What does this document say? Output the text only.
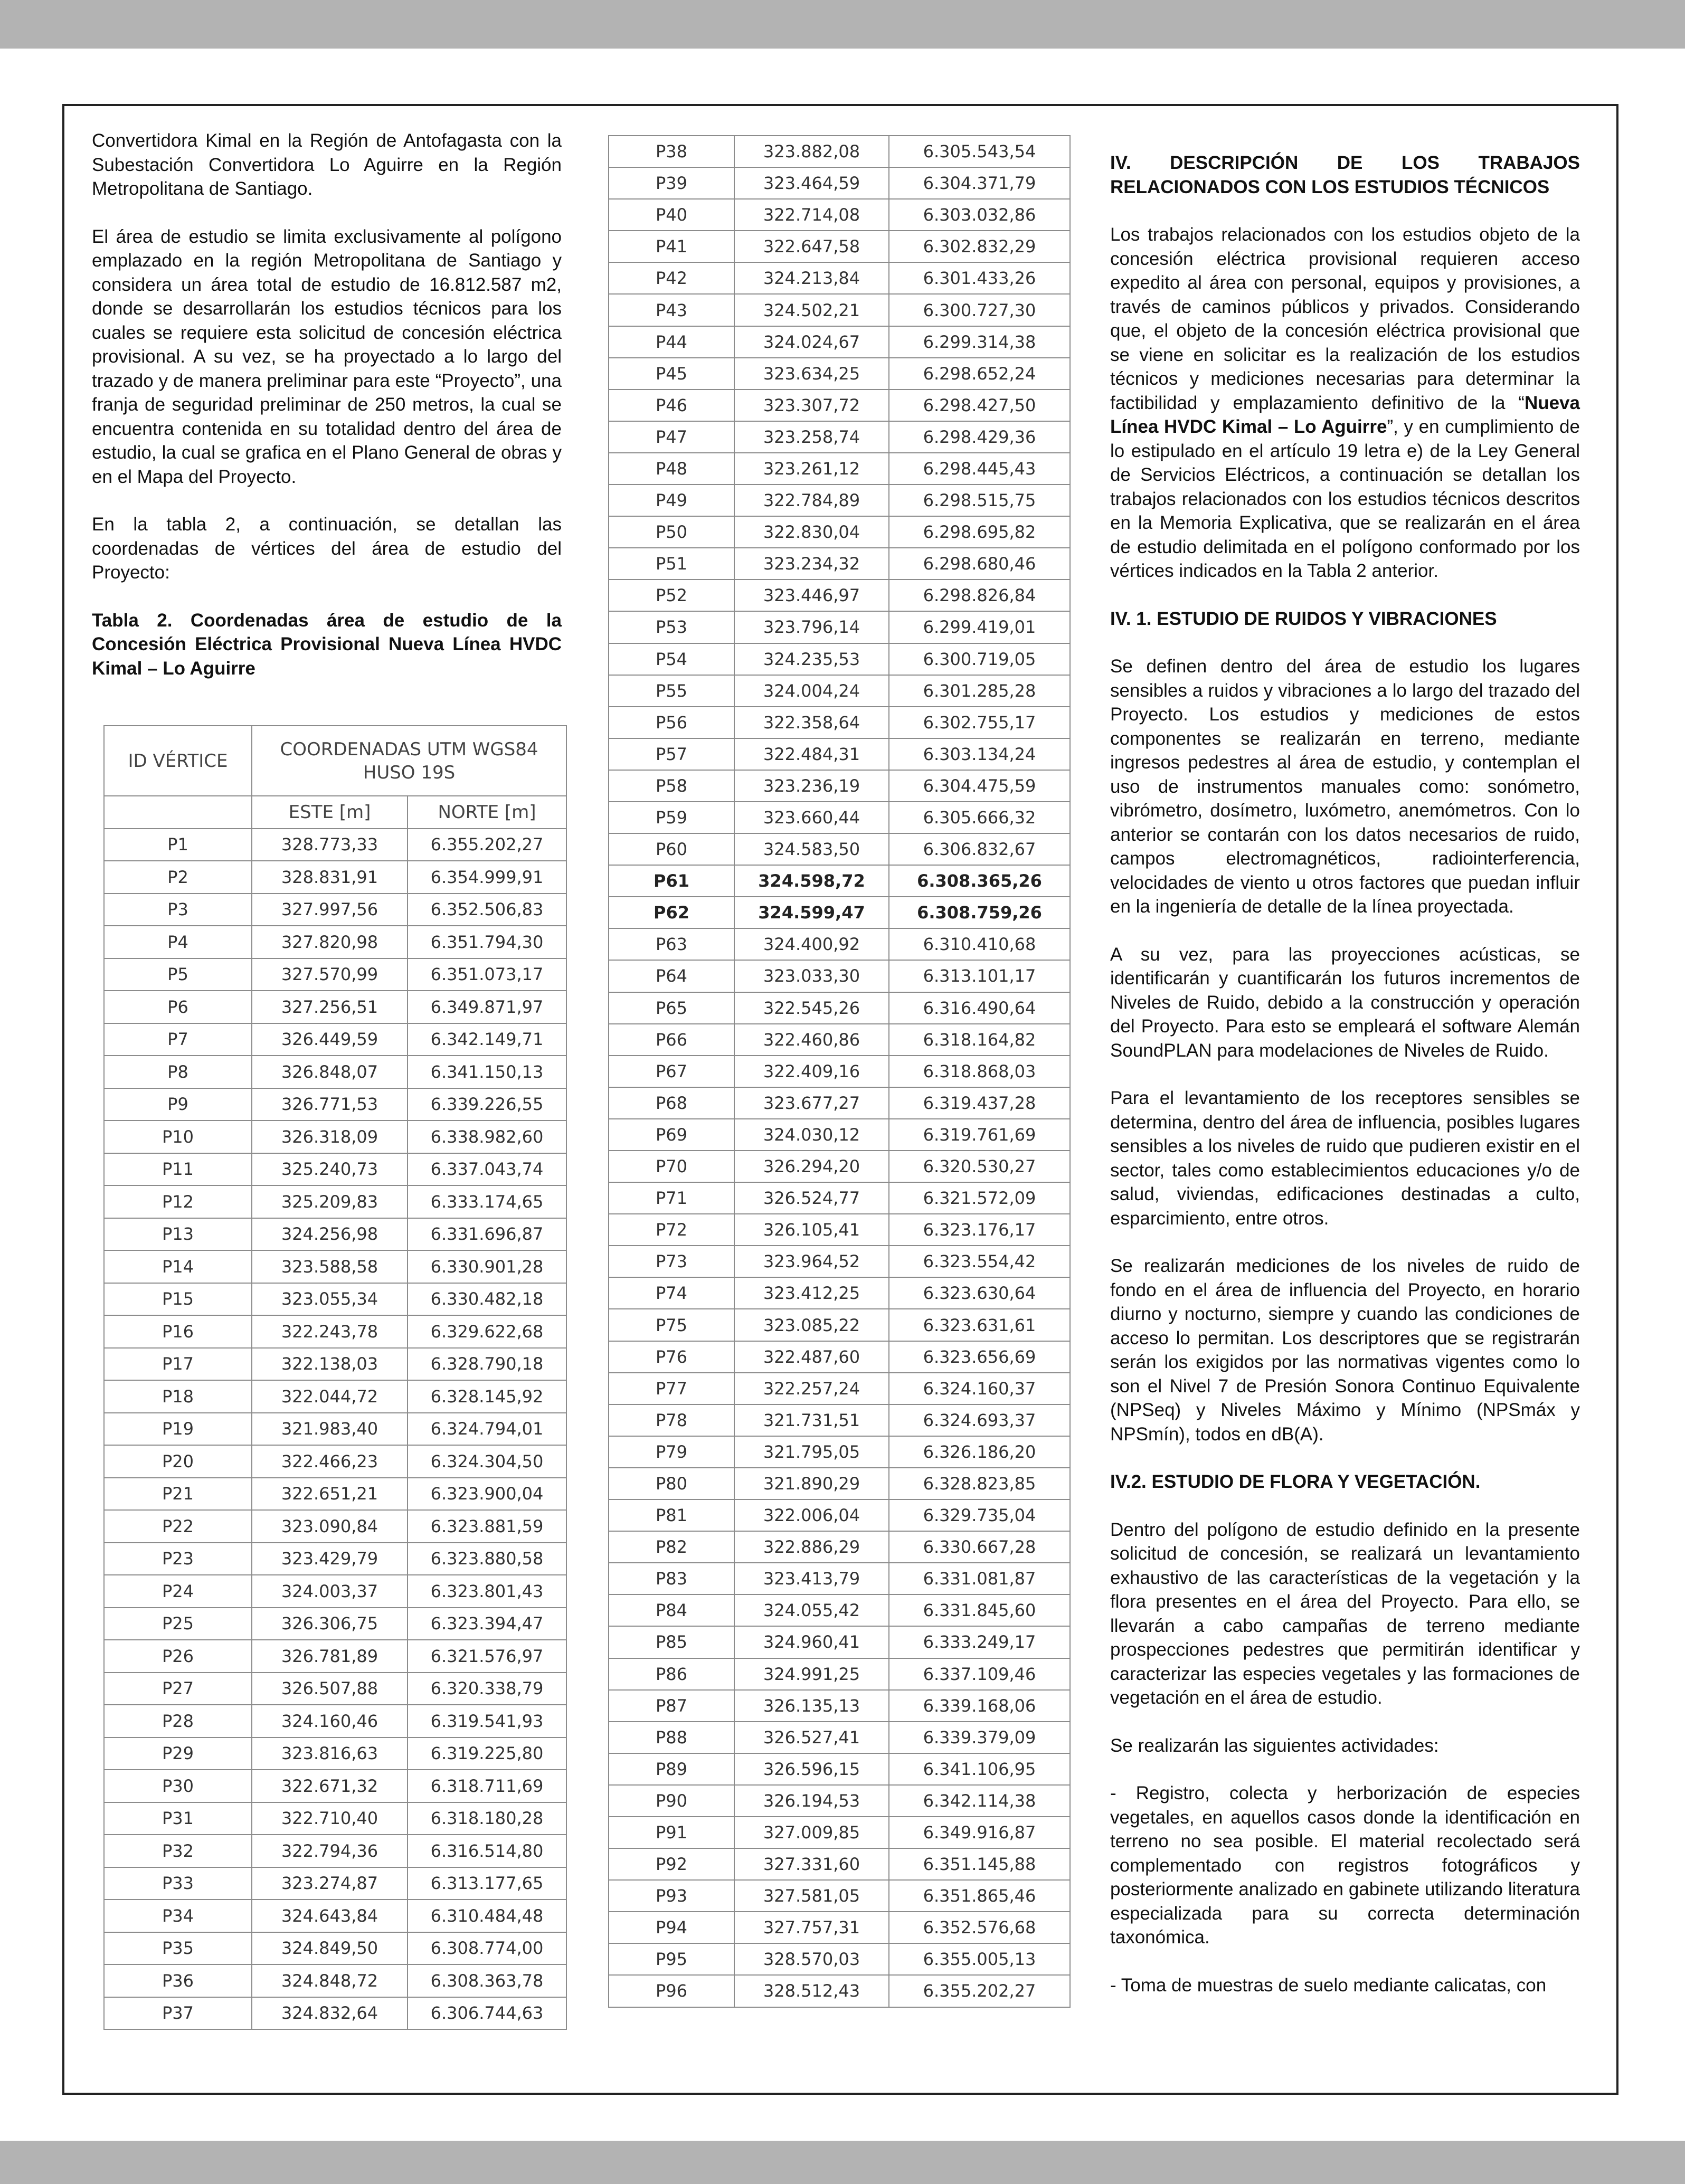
Convertidora Kimal en la Región de Antofagasta con la Subestación Convertidora Lo Aguirre en la Región Metropolitana de Santiago.

El área de estudio se limita exclusivamente al polígono emplazado en la región Metropolitana de Santiago y considera un área total de estudio de 16.812.587 m2, donde se desarrollarán los estudios técnicos para los cuales se requiere esta solicitud de concesión eléctrica provisional. A su vez, se ha proyectado a lo largo del trazado y de manera preliminar para este “Proyecto”, una franja de seguridad preliminar de 250 metros, la cual se encuentra contenida en su totalidad dentro del área de estudio, la cual se grafica en el Plano General de obras y en el Mapa del Proyecto.

En la tabla 2, a continuación, se detallan las coordenadas de vértices del área de estudio del Proyecto:

Tabla 2. Coordenadas área de estudio de la Concesión Eléctrica Provisional Nueva Línea HVDC Kimal – Lo Aguirre

ID VÉRTICE	COORDENADAS UTM WGS84 HUSO 19S	

	ESTE [m]	NORTE [m]
P1	328.773,33	6.355.202,27
P2	328.831,91	6.354.999,91
P3	327.997,56	6.352.506,83
P4	327.820,98	6.351.794,30
P5	327.570,99	6.351.073,17
P6	327.256,51	6.349.871,97
P7	326.449,59	6.342.149,71
P8	326.848,07	6.341.150,13
P9	326.771,53	6.339.226,55
P10	326.318,09	6.338.982,60
P11	325.240,73	6.337.043,74
P12	325.209,83	6.333.174,65
P13	324.256,98	6.331.696,87
P14	323.588,58	6.330.901,28
P15	323.055,34	6.330.482,18
P16	322.243,78	6.329.622,68
P17	322.138,03	6.328.790,18
P18	322.044,72	6.328.145,92
P19	321.983,40	6.324.794,01
P20	322.466,23	6.324.304,50
P21	322.651,21	6.323.900,04
P22	323.090,84	6.323.881,59
P23	323.429,79	6.323.880,58
P24	324.003,37	6.323.801,43
P25	326.306,75	6.323.394,47
P26	326.781,89	6.321.576,97
P27	326.507,88	6.320.338,79
P28	324.160,46	6.319.541,93
P29	323.816,63	6.319.225,80
P30	322.671,32	6.318.711,69
P31	322.710,40	6.318.180,28
P32	322.794,36	6.316.514,80
P33	323.274,87	6.313.177,65
P34	324.643,84	6.310.484,48
P35	324.849,50	6.308.774,00
P36	324.848,72	6.308.363,78
P37	324.832,64	6.306.744,63
P38	323.882,08	6.305.543,54
P39	323.464,59	6.304.371,79
P40	322.714,08	6.303.032,86
P41	322.647,58	6.302.832,29
P42	324.213,84	6.301.433,26
P43	324.502,21	6.300.727,30
P44	324.024,67	6.299.314,38
P45	323.634,25	6.298.652,24
P46	323.307,72	6.298.427,50
P47	323.258,74	6.298.429,36
P48	323.261,12	6.298.445,43
P49	322.784,89	6.298.515,75
P50	322.830,04	6.298.695,82
P51	323.234,32	6.298.680,46
P52	323.446,97	6.298.826,84
P53	323.796,14	6.299.419,01
P54	324.235,53	6.300.719,05
P55	324.004,24	6.301.285,28
P56	322.358,64	6.302.755,17
P57	322.484,31	6.303.134,24
P58	323.236,19	6.304.475,59
P59	323.660,44	6.305.666,32
P60	324.583,50	6.306.832,67
P61	324.598,72	6.308.365,26
P62	324.599,47	6.308.759,26
P63	324.400,92	6.310.410,68
P64	323.033,30	6.313.101,17
P65	322.545,26	6.316.490,64
P66	322.460,86	6.318.164,82
P67	322.409,16	6.318.868,03
P68	323.677,27	6.319.437,28
P69	324.030,12	6.319.761,69
P70	326.294,20	6.320.530,27
P71	326.524,77	6.321.572,09
P72	326.105,41	6.323.176,17
P73	323.964,52	6.323.554,42
P74	323.412,25	6.323.630,64
P75	323.085,22	6.323.631,61
P76	322.487,60	6.323.656,69
P77	322.257,24	6.324.160,37
P78	321.731,51	6.324.693,37
P79	321.795,05	6.326.186,20
P80	321.890,29	6.328.823,85
P81	322.006,04	6.329.735,04
P82	322.886,29	6.330.667,28
P83	323.413,79	6.331.081,87
P84	324.055,42	6.331.845,60
P85	324.960,41	6.333.249,17
P86	324.991,25	6.337.109,46
P87	326.135,13	6.339.168,06
P88	326.527,41	6.339.379,09
P89	326.596,15	6.341.106,95
P90	326.194,53	6.342.114,38
P91	327.009,85	6.349.916,87
P92	327.331,60	6.351.145,88
P93	327.581,05	6.351.865,46
P94	327.757,31	6.352.576,68
P95	328.570,03	6.355.005,13
P96	328.512,43	6.355.202,27

IV. DESCRIPCIÓN DE LOS TRABAJOS RELACIONADOS CON LOS ESTUDIOS TÉCNICOS

Los trabajos relacionados con los estudios objeto de la concesión eléctrica provisional requieren acceso expedito al área con personal, equipos y provisiones, a través de caminos públicos y privados. Considerando que, el objeto de la concesión eléctrica provisional que se viene en solicitar es la realización de los estudios técnicos y mediciones necesarias para determinar la factibilidad y emplazamiento definitivo de la “Nueva Línea HVDC Kimal – Lo Aguirre”, y en cumplimiento de lo estipulado en el artículo 19 letra e) de la Ley General de Servicios Eléctricos, a continuación se detallan los trabajos relacionados con los estudios técnicos descritos en la Memoria Explicativa, que se realizarán en el área de estudio delimitada en el polígono conformado por los vértices indicados en la Tabla 2 anterior.

IV. 1. ESTUDIO DE RUIDOS Y VIBRACIONES

Se definen dentro del área de estudio los lugares sensibles a ruidos y vibraciones a lo largo del trazado del Proyecto. Los estudios y mediciones de estos componentes se realizarán en terreno, mediante ingresos pedestres al área de estudio, y contemplan el uso de instrumentos manuales como: sonómetro, vibrómetro, dosímetro, luxómetro, anemómetros. Con lo anterior se contarán con los datos necesarios de ruido, campos electromagnéticos, radiointerferencia, velocidades de viento u otros factores que puedan influir en la ingeniería de detalle de la línea proyectada.

A su vez, para las proyecciones acústicas, se identificarán y cuantificarán los futuros incrementos de Niveles de Ruido, debido a la construcción y operación del Proyecto. Para esto se empleará el software Alemán SoundPLAN para modelaciones de Niveles de Ruido.

Para el levantamiento de los receptores sensibles se determina, dentro del área de influencia, posibles lugares sensibles a los niveles de ruido que pudieren existir en el sector, tales como establecimientos educaciones y/o de salud, viviendas, edificaciones destinadas a culto, esparcimiento, entre otros.

Se realizarán mediciones de los niveles de ruido de fondo en el área de influencia del Proyecto, en horario diurno y nocturno, siempre y cuando las condiciones de acceso lo permitan. Los descriptores que se registrarán serán los exigidos por las normativas vigentes como lo son el Nivel 7 de Presión Sonora Continuo Equivalente (NPSeq) y Niveles Máximo y Mínimo (NPSmáx y NPSmín), todos en dB(A).

IV.2. ESTUDIO DE FLORA Y VEGETACIÓN.

Dentro del polígono de estudio definido en la presente solicitud de concesión, se realizará un levantamiento exhaustivo de las características de la vegetación y la flora presentes en el área del Proyecto. Para ello, se llevarán a cabo campañas de terreno mediante prospecciones pedestres que permitirán identificar y caracterizar las especies vegetales y las formaciones de vegetación en el área de estudio.

Se realizarán las siguientes actividades:

- Registro, colecta y herborización de especies vegetales, en aquellos casos donde la identificación en terreno no sea posible. El material recolectado será complementado con registros fotográficos y posteriormente analizado en gabinete utilizando literatura especializada para su correcta determinación taxonómica.

- Toma de muestras de suelo mediante calicatas, con
